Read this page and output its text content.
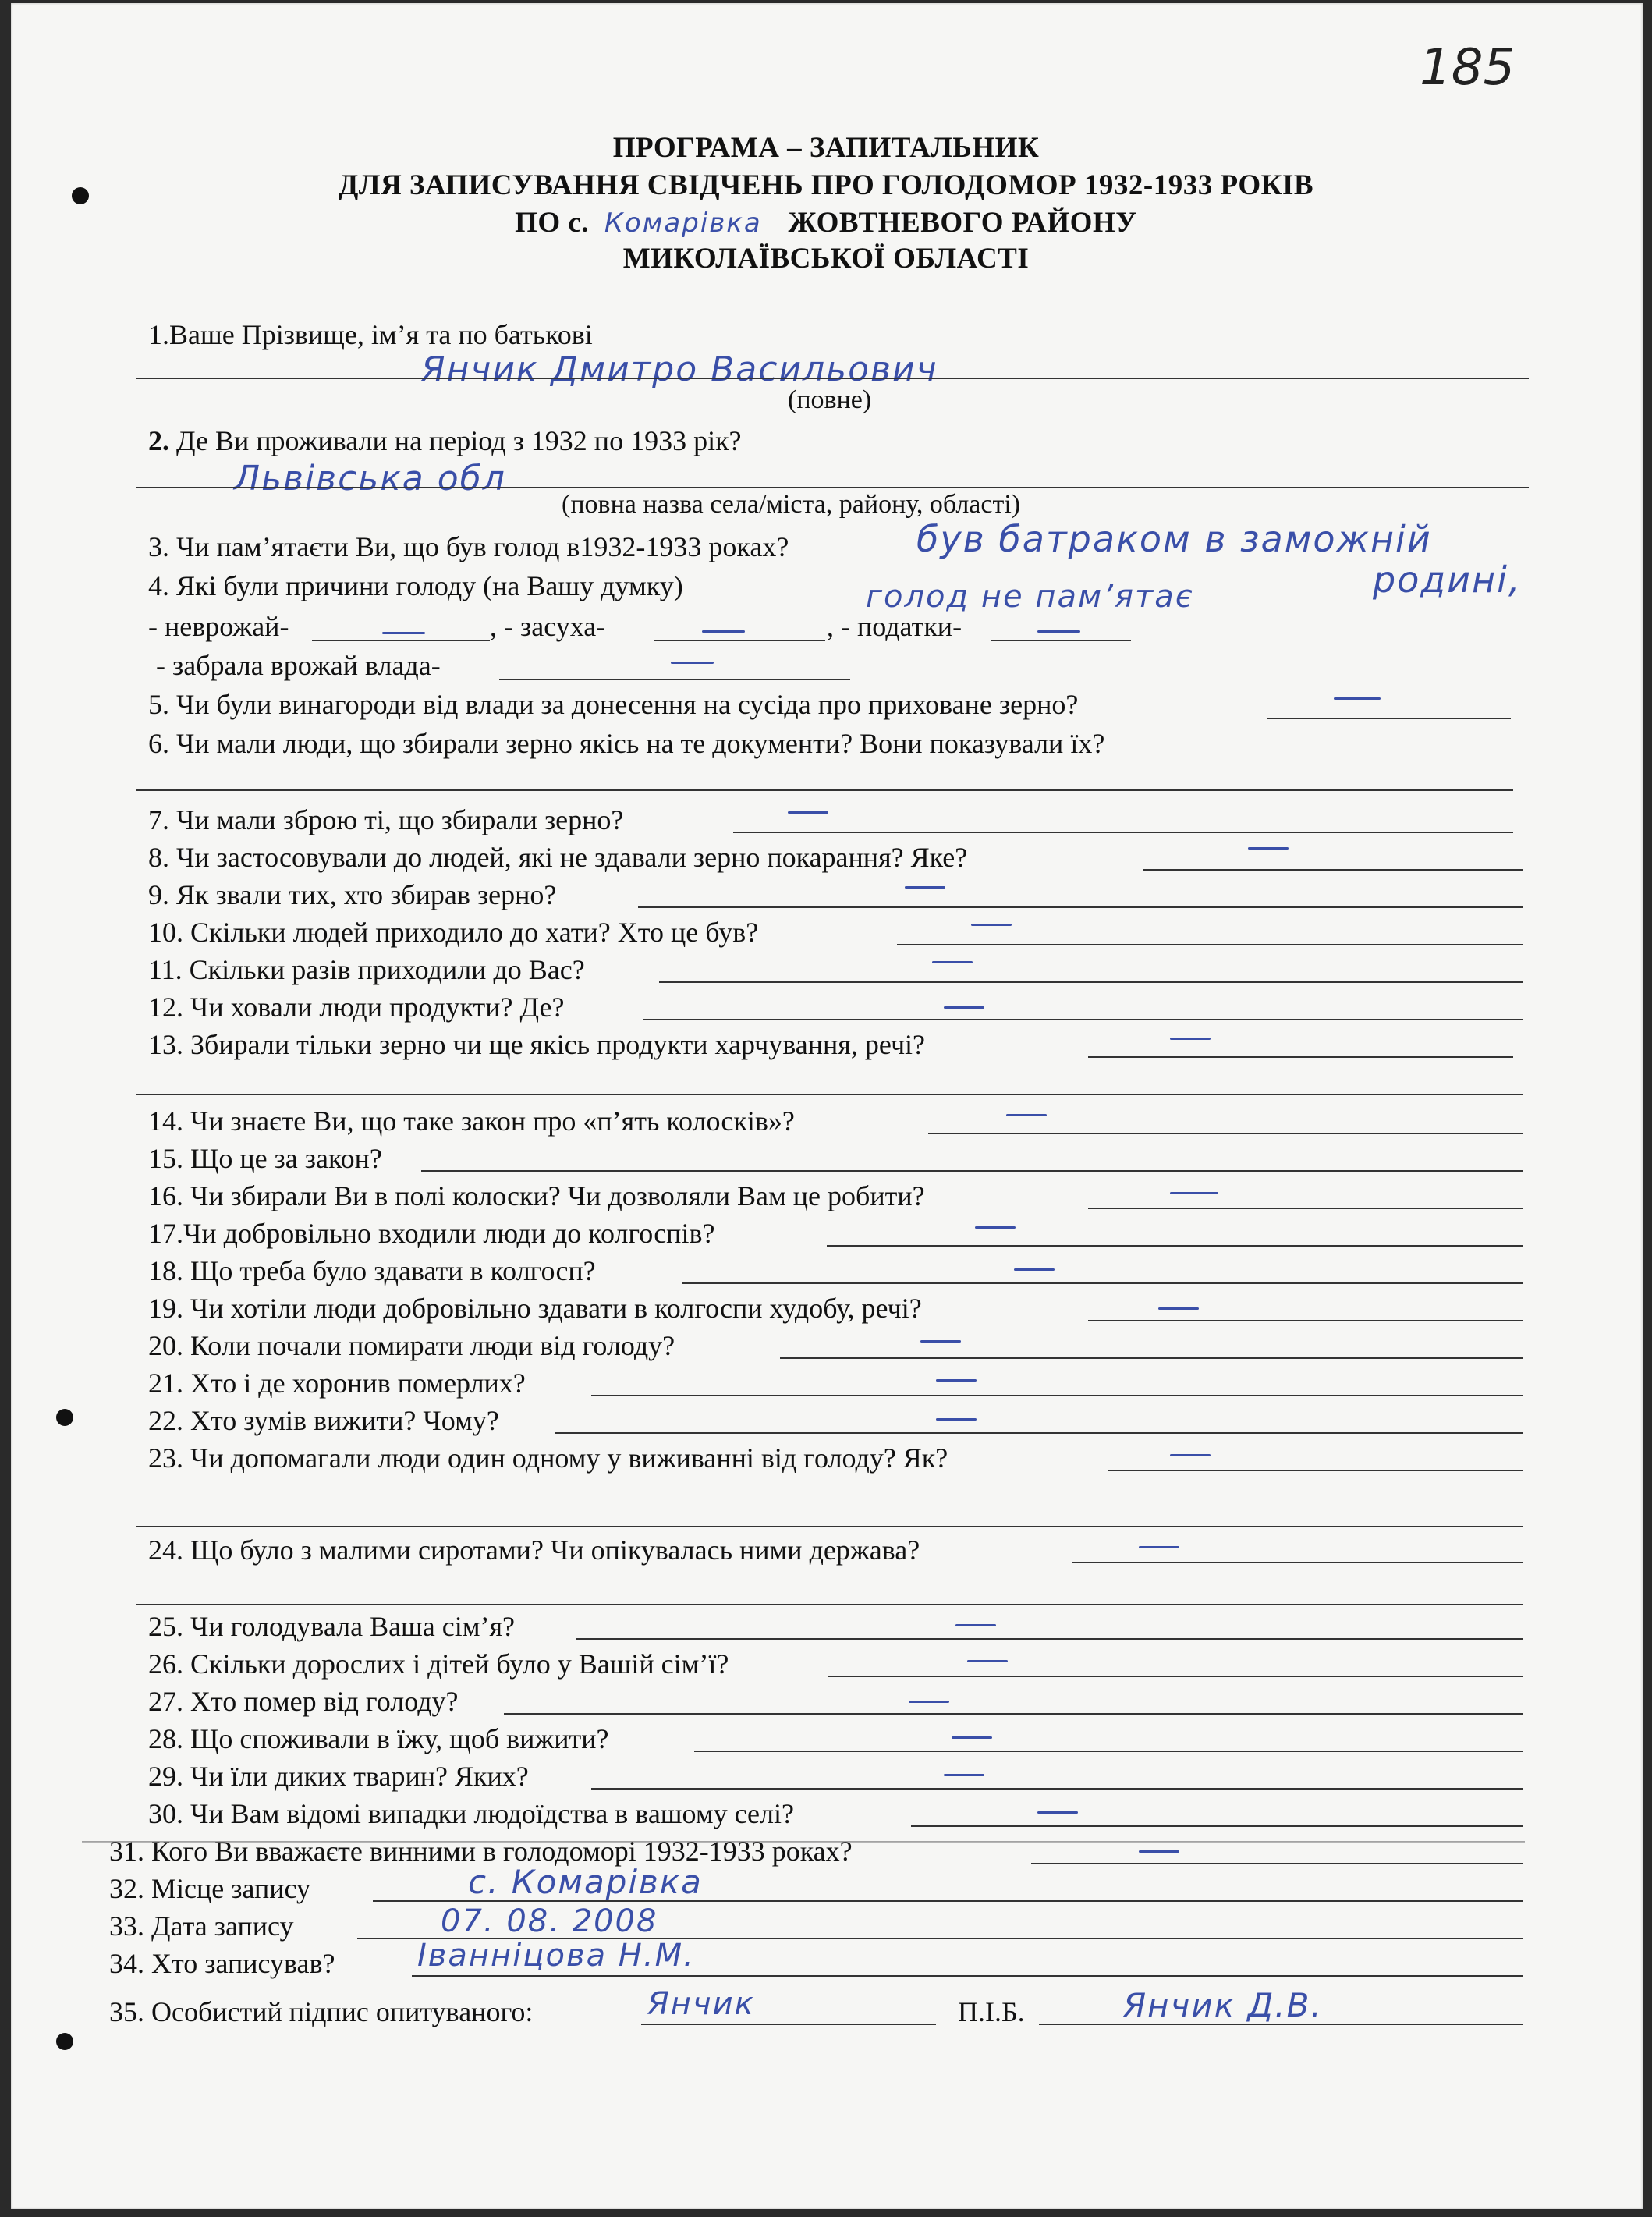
185
ПРОГРАМА – ЗАПИТАЛЬНИК
ДЛЯ ЗАПИСУВАННЯ СВІДЧЕНЬ ПРО ГОЛОДОМОР 1932-1933 РОКІВ
ПО с. Комарівка ЖОВТНЕВОГО РАЙОНУ
МИКОЛАЇВСЬКОЇ ОБЛАСТІ
1.Ваше Прізвище, ім’я та по батькові
Янчик Дмитро Васильович
(повне)
2. Де Ви проживали на період з 1932 по 1933 рік?
Львівська обл
(повна назва села/міста, району, області)
3. Чи пам’ятаєти Ви, що був голод в1932-1933 роках?	був батраком в заможній
родині,
4. Які були причини голоду (на Вашу думку)	голод не пам’ятає
- неврожай-	, - засуха-	, - податки-
- забрала врожай влада-
5. Чи були винагороди від влади за донесення на сусіда про приховане зерно?
6. Чи мали люди, що збирали зерно якісь на те документи? Вони показували їх?
7. Чи мали зброю ті, що збирали зерно?
8. Чи застосовували до людей, які не здавали зерно покарання? Яке?
9. Як звали тих, хто збирав зерно?
10. Скільки людей приходило до хати? Хто це був?
11. Скільки разів приходили до Вас?
12. Чи ховали люди продукти? Де?
13. Збирали тільки зерно чи ще якісь продукти харчування, речі?
14. Чи знаєте Ви, що таке закон про «п’ять колосків»?
15. Що це за закон?
16. Чи збирали Ви в полі колоски? Чи дозволяли Вам це робити?
17.Чи добровільно входили люди до колгоспів?
18. Що треба було здавати в колгосп?
19. Чи хотіли люди добровільно здавати в колгоспи худобу, речі?
20. Коли почали помирати люди від голоду?
21. Хто і де хоронив померлих?
22. Хто зумів вижити? Чому?
23. Чи допомагали люди один одному у виживанні від голоду? Як?
24. Що було з малими сиротами? Чи опікувалась ними держава?
25. Чи голодувала Ваша сім’я?
26. Скільки дорослих і дітей було у Вашій сім’ї?
27. Хто помер від голоду?
28. Що споживали в їжу, щоб вижити?
29. Чи їли диких тварин? Яких?
30. Чи Вам відомі випадки людоїдства в вашому селі?
31. Кого Ви вважаєте винними в голодоморі 1932-1933 роках?
32. Місце запису	с. Комарівка
33. Дата запису	07. 08. 2008
34. Хто записував?	Іванніцова Н.М.
35. Особистий підпис опитуваного:	Янчик	П.І.Б.	Янчик Д.В.
